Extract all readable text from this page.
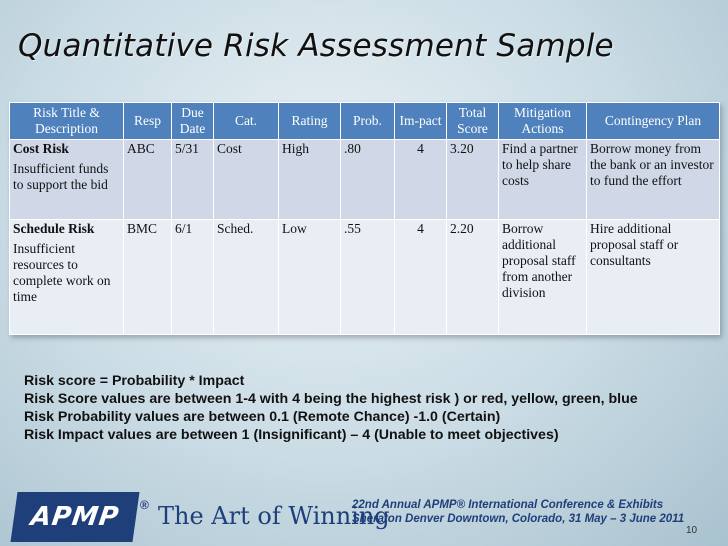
Quantitative Risk Assessment Sample
Risk Title & Description	Resp	Due Date	Cat.	Rating	Prob.	Im-pact	Total Score	Mitigation Actions	Contingency Plan

Cost Risk
Insufficient funds to support the bid	ABC	5/31	Cost	High	.80	4	3.20	Find a partner to help share costs	Borrow money from the bank or an investor to fund the effort

Schedule Risk
Insufficient resources to complete work on time	BMC	6/1	Sched.	Low	.55	4	2.20	Borrow additional proposal staff from another division	Hire additional proposal staff or consultants
Risk score = Probability * Impact
Risk Score values are between 1-4 with 4 being the highest risk ) or red, yellow, green, blue
Risk Probability values are between 0.1 (Remote Chance) -1.0 (Certain)
Risk Impact values are between 1 (Insignificant) – 4 (Unable to meet objectives)
APMP	® The Art of Winning
22nd Annual APMP® International Conference & Exhibits
Sheraton Denver Downtown, Colorado, 31 May – 3 June 2011
10
